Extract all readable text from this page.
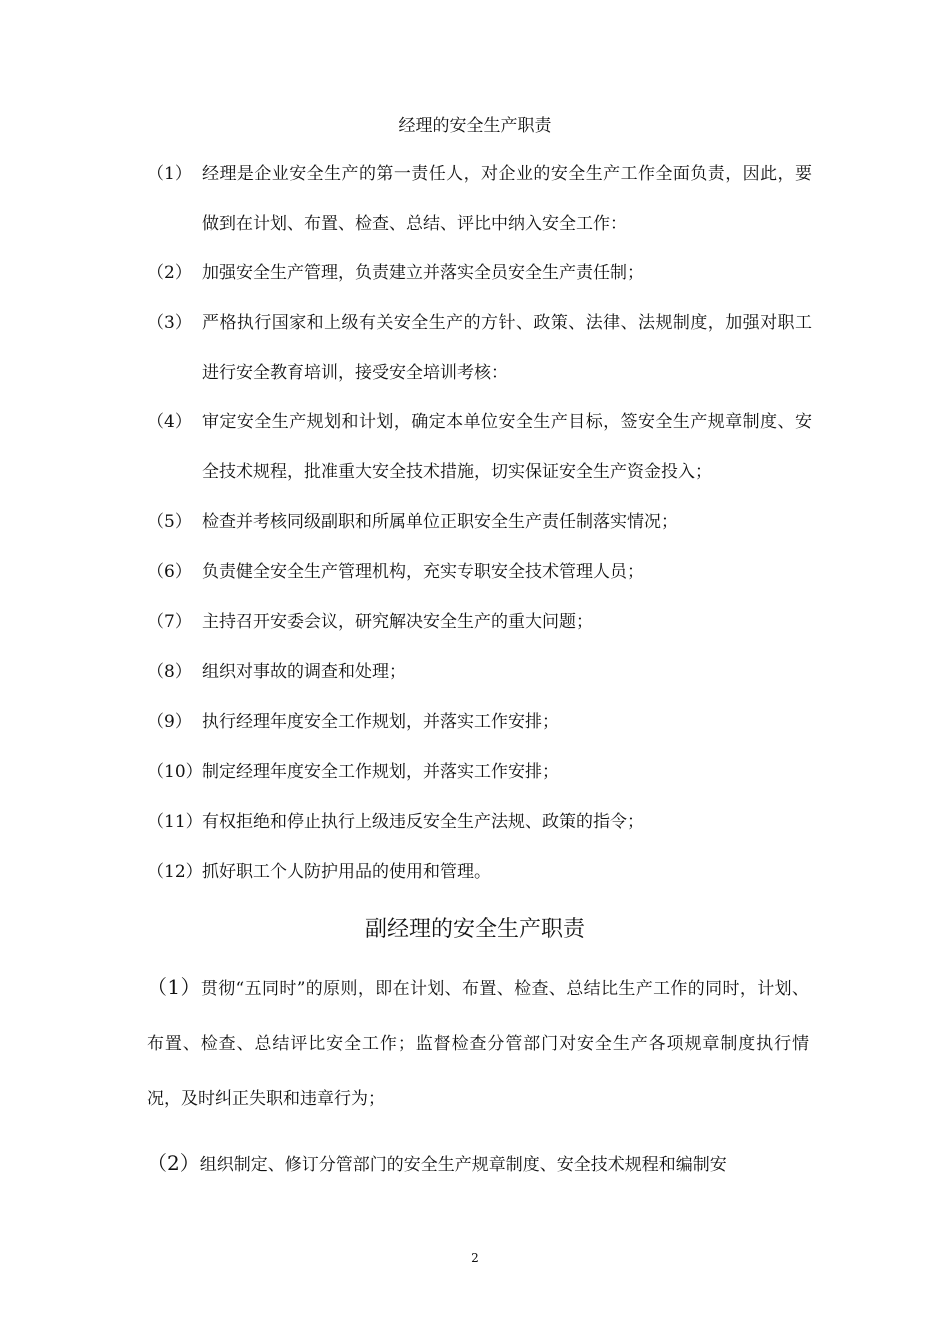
经理的安全生产职责
（1） 经理是企业安全生产的第一责任人，对企业的安全生产工作全面负责，因此，要做到在计划、布置、检查、总结、评比中纳入安全工作：
（2） 加强安全生产管理，负责建立并落实全员安全生产责任制；
（3） 严格执行国家和上级有关安全生产的方针、政策、法律、法规制度，加强对职工进行安全教育培训，接受安全培训考核：
（4） 审定安全生产规划和计划，确定本单位安全生产目标，签安全生产规章制度、安全技术规程，批准重大安全技术措施，切实保证安全生产资金投入；
（5） 检查并考核同级副职和所属单位正职安全生产责任制落实情况；
（6） 负责健全安全生产管理机构，充实专职安全技术管理人员；
（7） 主持召开安委会议，研究解决安全生产的重大问题；
（8） 组织对事故的调查和处理；
（9） 执行经理年度安全工作规划，并落实工作安排；
（10） 制定经理年度安全工作规划，并落实工作安排；
（11） 有权拒绝和停止执行上级违反安全生产法规、政策的指令；
（12） 抓好职工个人防护用品的使用和管理。
副经理的安全生产职责
（1）贯彻“五同时”的原则，即在计划、布置、检查、总结比生产工作的同时，计划、布置、检查、总结评比安全工作；监督检查分管部门对安全生产各项规章制度执行情况，及时纠正失职和违章行为；
（2）组织制定、修订分管部门的安全生产规章制度、安全技术规程和编制安
2
